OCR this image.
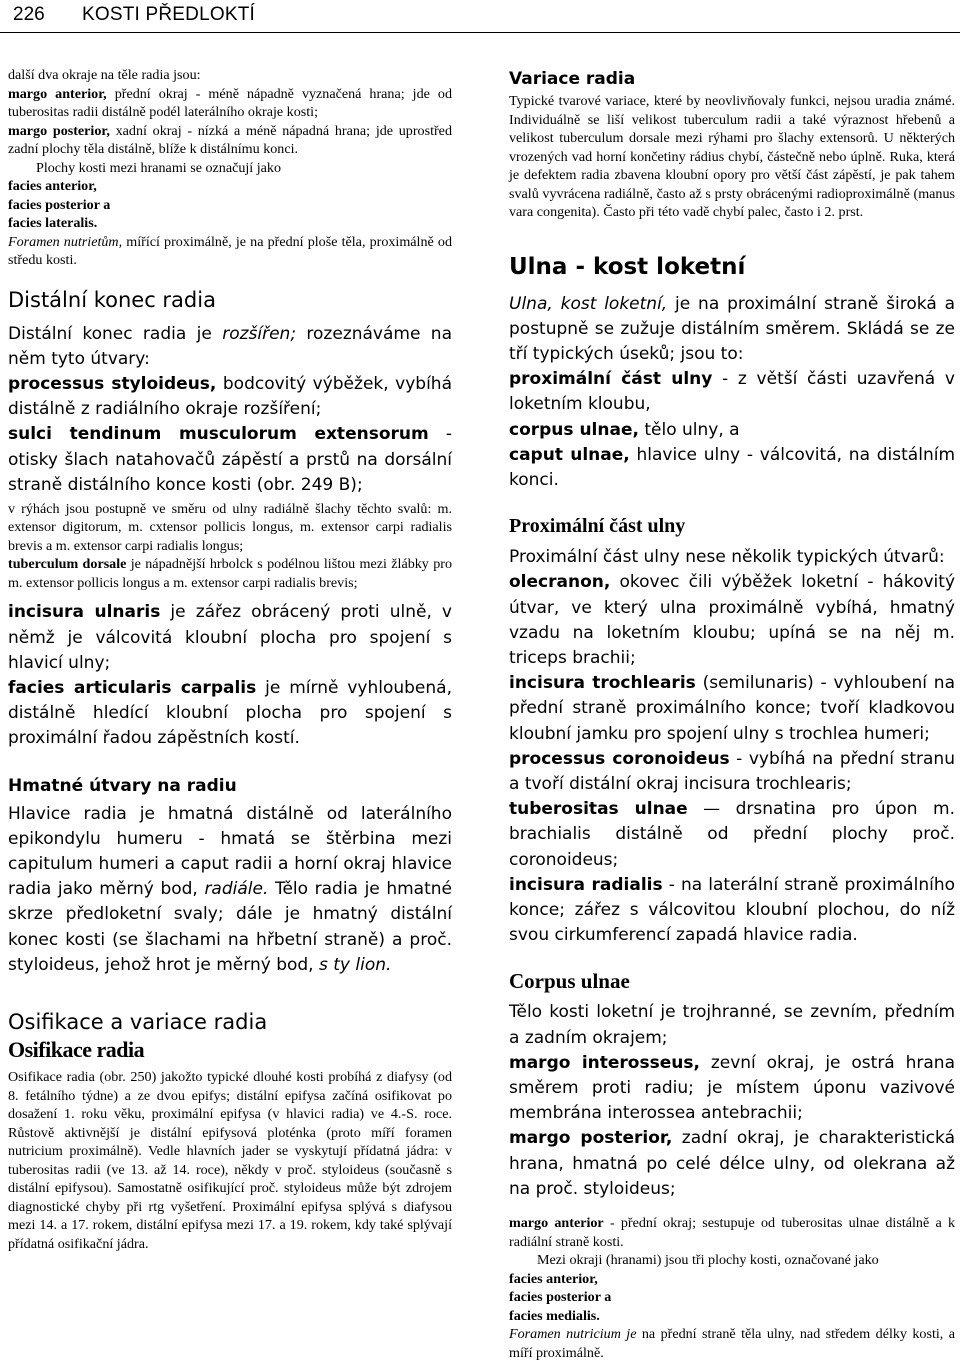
226 KOSTI PŘEDLOKTÍ

další dva okraje na těle radia jsou:

margo anterior, přední okraj - méně nápadně vyznačená hrana; jde od tuberositas radii distálně podél laterálního okraje kosti;

margo posterior, xadní okraj - nízká a méně nápadná hrana; jde uprostřed zadní plochy těla distálně, blíže k distálnímu konci.

Plochy kosti mezi hranami se označují jako

facies anterior,

facies posterior a

facies lateralis.

Foramen nutrietům, mířící proximálně, je na přední ploše těla, proximálně od středu kosti.

Distální konec radia

Distální konec radia je rozšířen; rozeznáváme na něm tyto útvary:

processus styloideus, bodcovitý výběžek, vybíhá distálně z radiálního okraje rozšíření;

sulci tendinum musculorum extensorum -otisky šlach natahovačů zápěstí a prstů na dorsální straně distálního konce kosti (obr. 249 B);

v rýhách jsou postupně ve směru od ulny radiálně šlachy těchto svalů: m. extensor digitorum, m. cxtensor pollicis longus, m. extensor carpi radialis brevis a m. extensor carpi radialis longus;

tuberculum dorsale je nápadnější hrbolck s podélnou lištou mezi žlábky pro m. extensor pollicis longus a m. extensor carpi radialis brevis;

incisura ulnaris je zářez obrácený proti ulně, v němž je válcovitá kloubní plocha pro spojení s hlavicí ulny;

facies articularis carpalis je mírně vyhloubená, distálně hledící kloubní plocha pro spojení s proximální řadou zápěstních kostí.

Hmatné útvary na radiu

Hlavice radia je hmatná distálně od laterálního epikondylu humeru - hmatá se štěrbina mezi capitulum humeri a caput radii a horní okraj hlavice radia jako měrný bod, radiále. Tělo radia je hmatné skrze předloketní svaly; dále je hmatný distální konec kosti (se šlachami na hřbetní straně) a proč. styloideus, jehož hrot je měrný bod, s ty lion.

Osifikace a variace radia

Osifikace radia

Osifikace radia (obr. 250) jakožto typické dlouhé kosti probíhá z diafysy (od 8. fetálního týdne) a ze dvou epifys; distální epifysa začíná osifikovat po dosažení 1. roku věku, proximální epifysa (v hlavici radia) ve 4.-S. roce. Růstově aktivnější je distální epifysová ploténka (proto míří foramen nutricium proximálně). Vedle hlavních jader se vyskytují přídatná jádra: v tuberositas radii (ve 13. až 14. roce), někdy v proč. styloideus (současně s distální epifysou). Samostatně osifikující proč. styloideus může být zdrojem diagnostické chyby při rtg vyšetření. Proximální epifysa splývá s diafysou mezi 14. a 17. rokem, distální epifysa mezi 17. a 19. rokem, kdy také splývají přídatná osifikační jádra.

Variace radia

Typické tvarové variace, které by neovlivňovaly funkci, nejsou uradia známé. Individuálně se liší velikost tuberculum radii a také výraznost hřebenů a velikost tuberculum dorsale mezi rýhami pro šlachy extensorů. U některých vrozených vad horní končetiny rádius chybí, částečně nebo úplně. Ruka, která je defektem radia zbavena kloubní opory pro větší část zápěstí, je pak tahem svalů vyvrácena radiálně, často až s prsty obrácenými radioproximálně (manus vara congenita). Často při této vadě chybí palec, často i 2. prst.

Ulna - kost loketní

Ulna, kost loketní, je na proximální straně široká a postupně se zužuje distálním směrem. Skládá se ze tří typických úseků; jsou to:

proximální část ulny - z větší části uzavřená v loketním kloubu,

corpus ulnae, tělo ulny, a

caput ulnae, hlavice ulny - válcovitá, na distálním konci.

Proximální část ulny

Proximální část ulny nese několik typických útvarů:

olecranon, okovec čili výběžek loketní - hákovitý útvar, ve který ulna proximálně vybíhá, hmatný vzadu na loketním kloubu; upíná se na něj m. triceps brachii;

incisura trochlearis (semilunaris) - vyhloubení na přední straně proximálního konce; tvoří kladkovou kloubní jamku pro spojení ulny s trochlea humeri;

processus coronoideus - vybíhá na přední stranu a tvoří distální okraj incisura trochlearis;

tuberositas ulnae — drsnatina pro úpon m. brachialis distálně od přední plochy proč. coronoideus;

incisura radialis - na laterální straně proximálního konce; zářez s válcovitou kloubní plochou, do níž svou cirkumferencí zapadá hlavice radia.

Corpus ulnae

Tělo kosti loketní je trojhranné, se zevním, předním a zadním okrajem;

margo interosseus, zevní okraj, je ostrá hrana směrem proti radiu; je místem úponu vazivové membrána interossea antebrachii;

margo posterior, zadní okraj, je charakteristická hrana, hmatná po celé délce ulny, od olekrana až na proč. styloideus;

margo anterior - přední okraj; sestupuje od tuberositas ulnae distálně a k radiální straně kosti.

Mezi okraji (hranami) jsou tři plochy kosti, označované jako

facies anterior,

facies posterior a

facies medialis.

Foramen nutricium je na přední straně těla ulny, nad středem délky kosti, a míří proximálně.
